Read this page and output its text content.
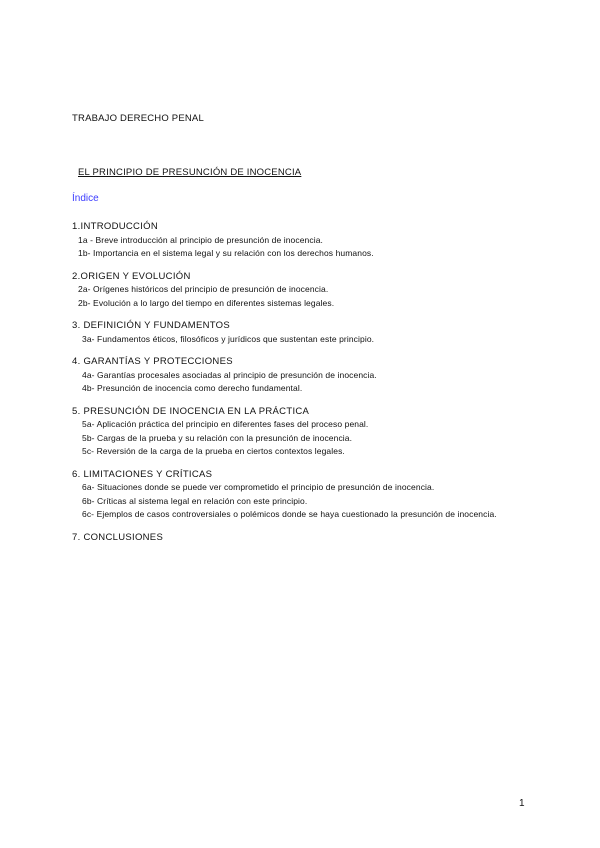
TRABAJO DERECHO PENAL
EL PRINCIPIO DE PRESUNCIÓN DE INOCENCIA
Índice
1.INTRODUCCIÓN
1a - Breve introducción al principio de presunción de inocencia.
1b- Importancia en el sistema legal y su relación con los derechos humanos.
2.ORIGEN Y EVOLUCIÓN
2a- Orígenes históricos del principio de presunción de inocencia.
2b- Evolución a lo largo del tiempo en diferentes sistemas legales.
3. DEFINICIÓN Y FUNDAMENTOS
3a- Fundamentos éticos, filosóficos y jurídicos que sustentan este principio.
4. GARANTÍAS Y PROTECCIONES
4a- Garantías procesales asociadas al principio de presunción de inocencia.
4b- Presunción de inocencia como derecho fundamental.
5. PRESUNCIÓN DE INOCENCIA EN LA PRÁCTICA
5a- Aplicación práctica del principio en diferentes fases del proceso penal.
5b- Cargas de la prueba y su relación con la presunción de inocencia.
5c- Reversión de la carga de la prueba en ciertos contextos legales.
6. LIMITACIONES Y CRÍTICAS
6a- Situaciones donde se puede ver comprometido el principio de presunción de inocencia.
6b- Críticas al sistema legal en relación con este principio.
6c- Ejemplos de casos controversiales o polémicos donde se haya cuestionado la presunción de inocencia.
7. CONCLUSIONES
1
